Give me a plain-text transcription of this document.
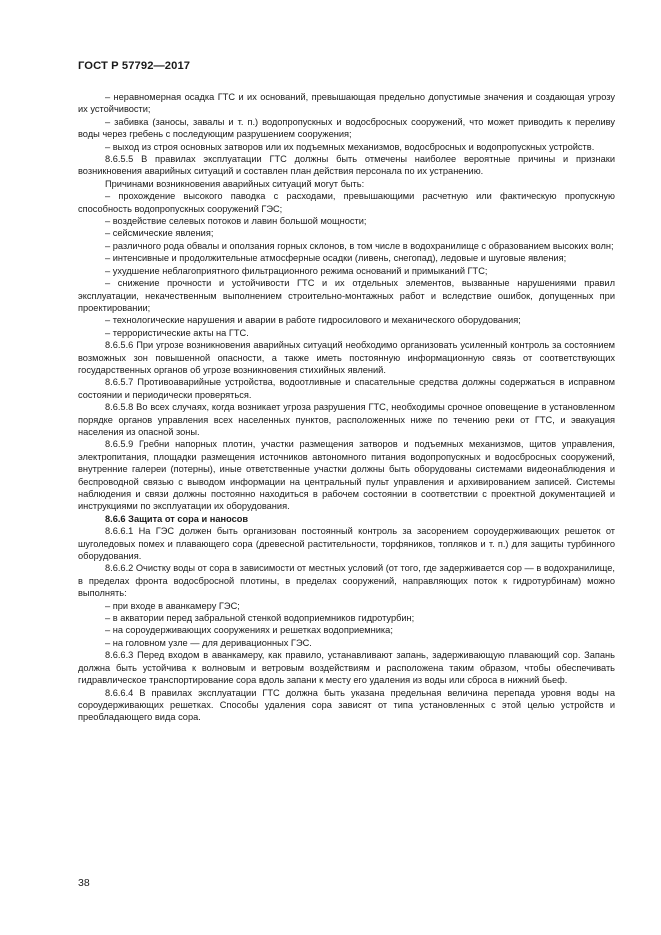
ГОСТ Р 57792—2017

– неравномерная осадка ГТС и их оснований, превышающая предельно допустимые значения и создающая угрозу их устойчивости;

– забивка (заносы, завалы и т. п.) водопропускных и водосбросных сооружений, что может приводить к переливу воды через гребень с последующим разрушением сооружения;

– выход из строя основных затворов или их подъемных механизмов, водосбросных и водопропускных устройств.

8.6.5.5 В правилах эксплуатации ГТС должны быть отмечены наиболее вероятные причины и признаки возникновения аварийных ситуаций и составлен план действия персонала по их устранению.

Причинами возникновения аварийных ситуаций могут быть:

– прохождение высокого паводка с расходами, превышающими расчетную или фактическую пропускную способность водопропускных сооружений ГЭС;

– воздействие селевых потоков и лавин большой мощности;

– сейсмические явления;

– различного рода обвалы и оползания горных склонов, в том числе в водохранилище с образованием высоких волн;

– интенсивные и продолжительные атмосферные осадки (ливень, снегопад), ледовые и шуговые явления;

– ухудшение неблагоприятного фильтрационного режима оснований и примыканий ГТС;

– снижение прочности и устойчивости ГТС и их отдельных элементов, вызванные нарушениями правил эксплуатации, некачественным выполнением строительно-монтажных работ и вследствие ошибок, допущенных при проектировании;

– технологические нарушения и аварии в работе гидросилового и механического оборудования;

– террористические акты на ГТС.

8.6.5.6 При угрозе возникновения аварийных ситуаций необходимо организовать усиленный контроль за состоянием возможных зон повышенной опасности, а также иметь постоянную информационную связь от соответствующих государственных органов об угрозе возникновения стихийных явлений.

8.6.5.7 Противоаварийные устройства, водоотливные и спасательные средства должны содержаться в исправном состоянии и периодически проверяться.

8.6.5.8 Во всех случаях, когда возникает угроза разрушения ГТС, необходимы срочное оповещение в установленном порядке органов управления всех населенных пунктов, расположенных ниже по течению реки от ГТС, и эвакуация населения из опасной зоны.

8.6.5.9 Гребни напорных плотин, участки размещения затворов и подъемных механизмов, щитов управления, электропитания, площадки размещения источников автономного питания водопропускных и водосбросных сооружений, внутренние галереи (потерны), иные ответственные участки должны быть оборудованы системами видеонаблюдения и беспроводной связью с выводом информации на центральный пульт управления и архивированием записей. Системы наблюдения и связи должны постоянно находиться в рабочем состоянии в соответствии с проектной документацией и инструкциями по эксплуатации их оборудования.

8.6.6 Защита от сора и наносов

8.6.6.1 На ГЭС должен быть организован постоянный контроль за засорением сороудерживающих решеток от шуголедовых помех и плавающего сора (древесной растительности, торфяников, топляков и т. п.) для защиты турбинного оборудования.

8.6.6.2 Очистку воды от сора в зависимости от местных условий (от того, где задерживается сор — в водохранилище, в пределах фронта водосбросной плотины, в пределах сооружений, направляющих поток к гидротурбинам) можно выполнять:

– при входе в аванкамеру ГЭС;

– в акватории перед забральной стенкой водоприемников гидротурбин;

– на сороудерживающих сооружениях и решетках водоприемника;

– на головном узле — для деривационных ГЭС.

8.6.6.3 Перед входом в аванкамеру, как правило, устанавливают запань, задерживающую плавающий сор. Запань должна быть устойчива к волновым и ветровым воздействиям и расположена таким образом, чтобы обеспечивать гидравлическое транспортирование сора вдоль запани к месту его удаления из воды или сброса в нижний бьеф.

8.6.6.4 В правилах эксплуатации ГТС должна быть указана предельная величина перепада уровня воды на сороудерживающих решетках. Способы удаления сора зависят от типа установленных с этой целью устройств и преобладающего вида сора.

38
